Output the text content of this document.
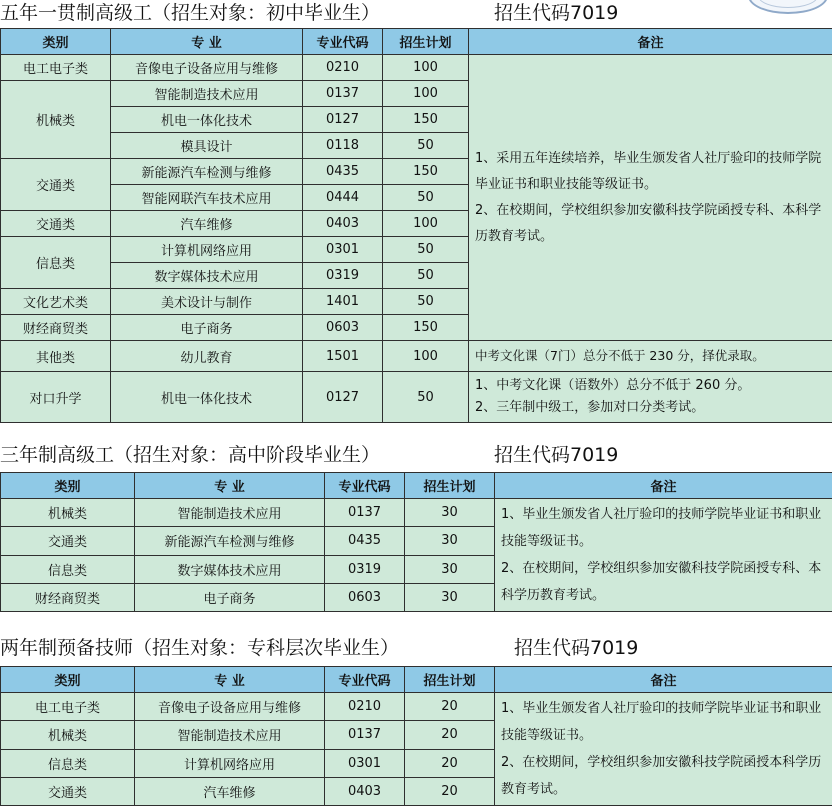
五年一贯制高级工（招生对象：初中毕业生）	招生代码7019
类别	专 业	专业代码	招生计划	备注
电工电子类	音像电子设备应用与维修	0210	100	1、采用五年连续培养，毕业生颁发省人社厅验印的技师学院毕业证书和职业技能等级证书。
2、在校期间，学校组织参加安徽科技学院函授专科、本科学历教育考试。

机械类	智能制造技术应用	0137	100	
	机电一体化技术	0127	150	
	模具设计	0118	50	
交通类	新能源汽车检测与维修	0435	150	
	智能网联汽车技术应用	0444	50	
交通类	汽车维修	0403	100	
信息类	计算机网络应用	0301	50	
	数字媒体技术应用	0319	50	
文化艺术类	美术设计与制作	1401	50	
财经商贸类	电子商务	0603	150	
其他类	幼儿教育	1501	100	中考文化课（7门）总分不低于 230 分，择优录取。
对口升学	机电一体化技术	0127	50	1、中考文化课（语数外）总分不低于 260 分。
2、三年制中级工，参加对口分类考试。
三年制高级工（招生对象：高中阶段毕业生）	招生代码7019
类别	专 业	专业代码	招生计划	备注
机械类	智能制造技术应用	0137	30	1、毕业生颁发省人社厅验印的技师学院毕业证书和职业技能等级证书。
2、在校期间，学校组织参加安徽科技学院函授专科、本科学历教育考试。

交通类	新能源汽车检测与维修	0435	30	
信息类	数字媒体技术应用	0319	30	
财经商贸类	电子商务	0603	30	
两年制预备技师（招生对象：专科层次毕业生）	招生代码7019
类别	专 业	专业代码	招生计划	备注
电工电子类	音像电子设备应用与维修	0210	20	1、毕业生颁发省人社厅验印的技师学院毕业证书和职业技能等级证书。
2、在校期间，学校组织参加安徽科技学院函授本科学历教育考试。

机械类	智能制造技术应用	0137	20	
信息类	计算机网络应用	0301	20	
交通类	汽车维修	0403	20	
